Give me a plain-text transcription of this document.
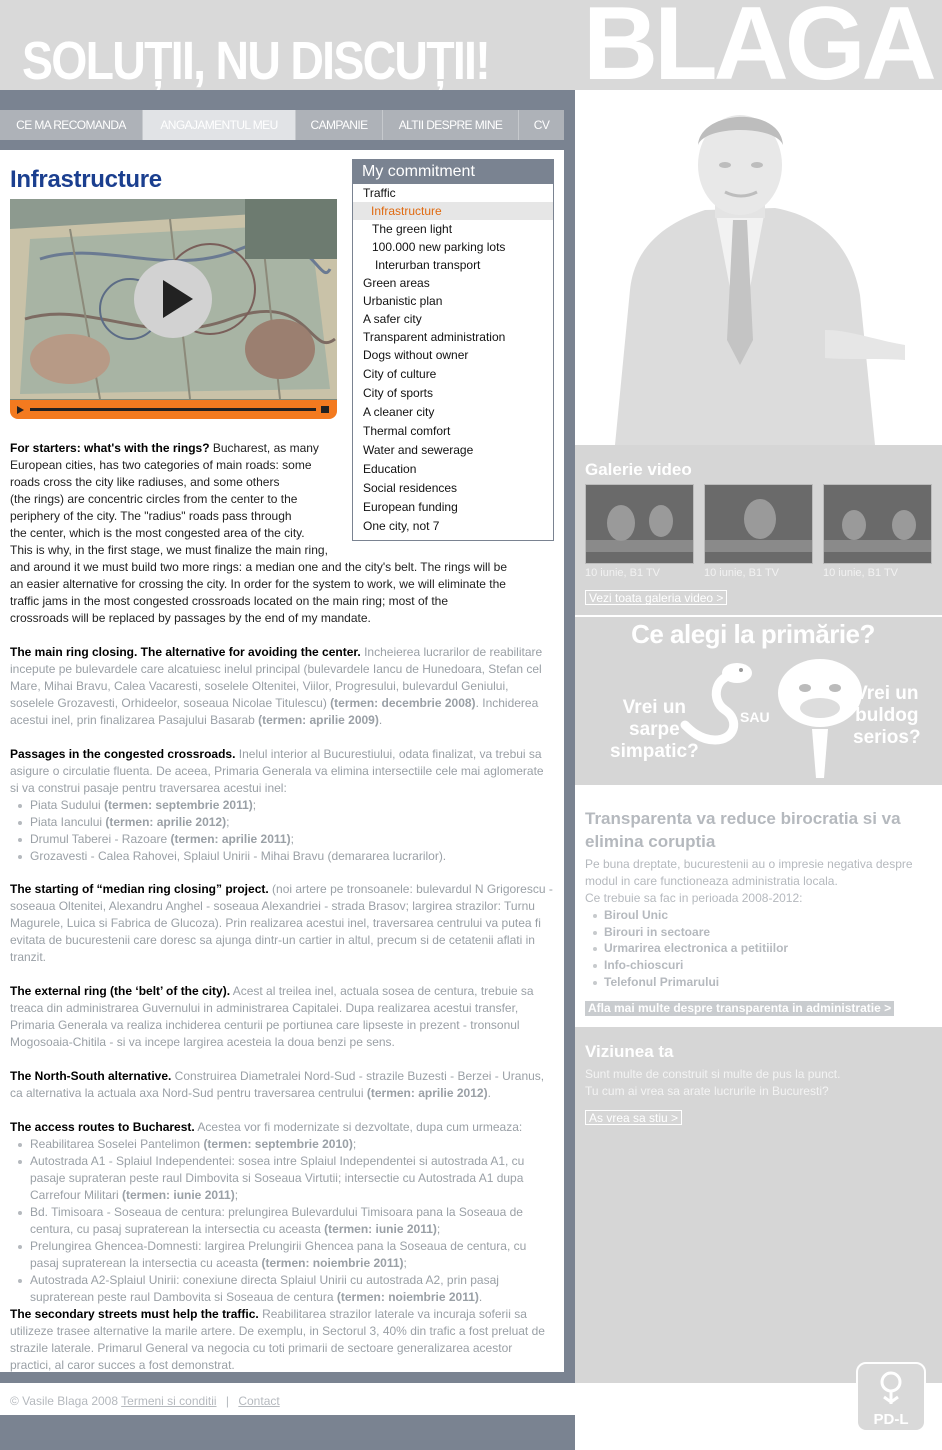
BLAGA
SOLUȚII, NU DISCUȚII!
CE MA RECOMANDA	ANGAJAMENTUL MEU	CAMPANIE	ALTII DESPRE MINE	CV
Infrastructure	My commitment
Traffic
Infrastructure
The green light
100.000 new parking lots
Interurban transport
Green areas
Urbanistic plan
A safer city
Transparent administration
Dogs without owner
City of culture
City of sports
A cleaner city
Thermal comfort
Water and sewerage
Education
Social residences
European funding
One city, not 7
For starters: what's with the rings? Bucharest, as many
European cities, has two categories of main roads: some
roads cross the city like radiuses, and some others
(the rings) are concentric circles from the center to the
periphery of the city. The "radius" roads pass through
the center, which is the most congested area of the city.
This is why, in the first stage, we must finalize the main ring,
and around it we must build two more rings: a median one and the city's belt. The rings will be
an easier alternative for crossing the city. In order for the system to work, we will eliminate the
traffic jams in the most congested crossroads located on the main ring; most of the
crossroads will be replaced by passages by the end of my mandate.
The main ring closing. The alternative for avoiding the center. Incheierea lucrarilor de reabilitare incepute pe bulevardele care alcatuiesc inelul principal (bulevardele Iancu de Hunedoara, Stefan cel Mare, Mihai Bravu, Calea Vacaresti, soselele Oltenitei, Viilor, Progresului, bulevardul Geniului, soselele Grozavesti, Orhideelor, soseaua Nicolae Titulescu) (termen: decembrie 2008). Inchiderea acestui inel, prin finalizarea Pasajului Basarab (termen: aprilie 2009).
Passages in the congested crossroads. Inelul interior al Bucurestiului, odata finalizat, va trebui sa asigure o circulatie fluenta. De aceea, Primaria Generala va elimina intersectiile cele mai aglomerate si va construi pasaje pentru traversarea acestui inel:
Piata Sudului (termen: septembrie 2011);
Piata Iancului (termen: aprilie 2012);
Drumul Taberei - Razoare (termen: aprilie 2011);
Grozavesti - Calea Rahovei, Splaiul Unirii - Mihai Bravu (demararea lucrarilor).
The starting of “median ring closing” project. (noi artere pe tronsoanele: bulevardul N Grigorescu - soseaua Oltenitei, Alexandru Anghel - soseaua Alexandriei - strada Brasov; largirea strazilor: Turnu Magurele, Luica si Fabrica de Glucoza). Prin realizarea acestui inel, traversarea centrului va putea fi evitata de bucurestenii care doresc sa ajunga dintr-un cartier in altul, precum si de cetatenii aflati in tranzit.
The external ring (the ‘belt’ of the city). Acest al treilea inel, actuala sosea de centura, trebuie sa treaca din administrarea Guvernului in administrarea Capitalei. Dupa realizarea acestui transfer, Primaria Generala va realiza inchiderea centurii pe portiunea care lipseste in prezent - tronsonul Mogosoaia-Chitila - si va incepe largirea acesteia la doua benzi pe sens.
The North-South alternative. Construirea Diametralei Nord-Sud - strazile Buzesti - Berzei - Uranus, ca alternativa la actuala axa Nord-Sud pentru traversarea centrului (termen: aprilie 2012).
The access routes to Bucharest. Acestea vor fi modernizate si dezvoltate, dupa cum urmeaza:
Reabilitarea Soselei Pantelimon (termen: septembrie 2010);
Autostrada A1 - Splaiul Independentei: sosea intre Splaiul Independentei si autostrada A1, cu pasaje suprateran peste raul Dimbovita si Soseaua Virtutii; intersectie cu Autostrada A1 dupa Carrefour Militari (termen: iunie 2011);
Bd. Timisoara - Soseaua de centura: prelungirea Bulevardului Timisoara pana la Soseaua de centura, cu pasaj supraterean la intersectia cu aceasta (termen: iunie 2011);
Prelungirea Ghencea-Domnesti: largirea Prelungirii Ghencea pana la Soseaua de centura, cu pasaj supraterean la intersectia cu aceasta (termen: noiembrie 2011);
Autostrada A2-Splaiul Unirii: conexiune directa Splaiul Unirii cu autostrada A2, prin pasaj supraterean peste raul Dambovita si Soseaua de centura (termen: noiembrie 2011).
The secondary streets must help the traffic. Reabilitarea strazilor laterale va incuraja soferii sa utilizeze trasee alternative la marile artere. De exemplu, in Sectorul 3, 40% din trafic a fost preluat de strazile laterale. Primarul General va negocia cu toti primarii de sectoare generalizarea acestor practici, al caror succes a fost demonstrat.
Galerie video
10 iunie, B1 TV	10 iunie, B1 TV	10 iunie, B1 TV
Vezi toata galeria video >
Ce alegi la primărie?
Vrei un
sarpe
simpatic?
SAU
Vrei un
buldog
serios?
Transparenta va reduce birocratia si va elimina coruptia
Pe buna dreptate, bucurestenii au o impresie negativa despre
modul in care functioneaza administratia locala.
Ce trebuie sa fac in perioada 2008-2012:
Biroul Unic
Birouri in sectoare
Urmarirea electronica a petitiilor
Info-chioscuri
Telefonul Primarului
Afla mai multe despre transparenta in administratie >
Viziunea ta
Sunt multe de construit si multe de pus la punct.
Tu cum ai vrea sa arate lucrurile in Bucuresti?
As vrea sa stiu >
© Vasile Blaga 2008 Termeni si conditii | Contact
PD-L
